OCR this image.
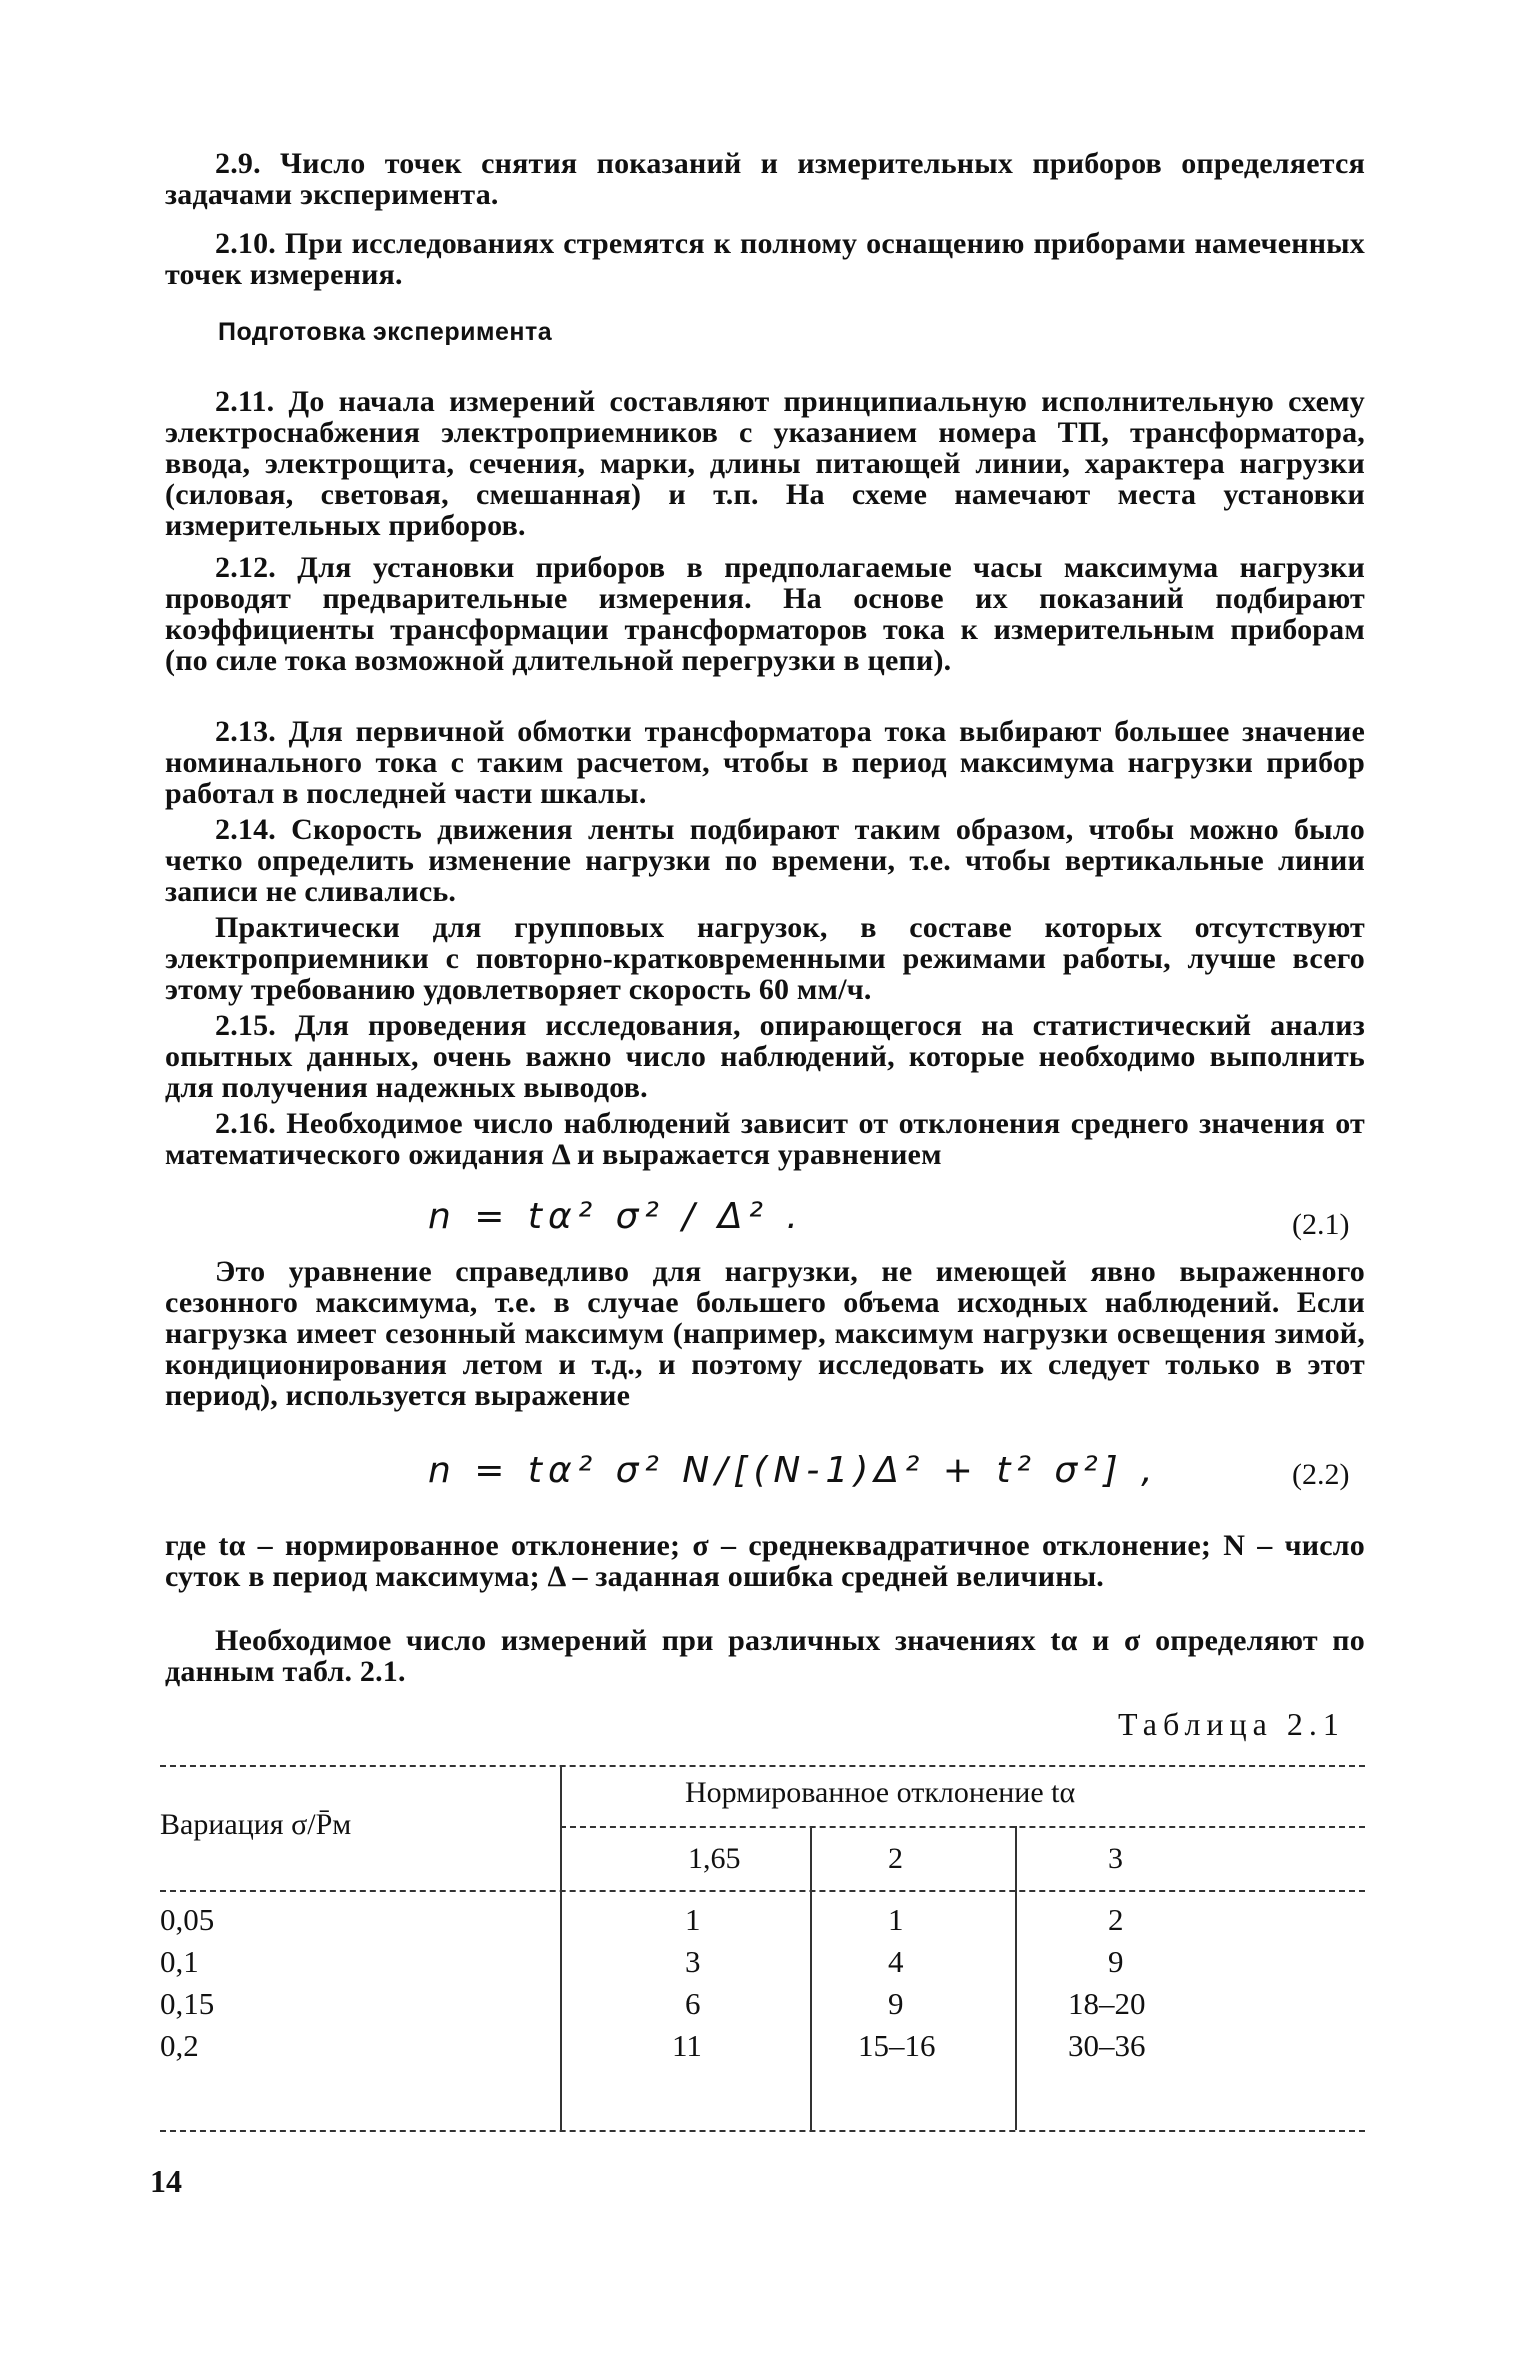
2.9. Число точек снятия показаний и измерительных приборов определяется задачами эксперимента.
2.10. При исследованиях стремятся к полному оснащению приборами намеченных точек измерения.
Подготовка эксперимента
2.11. До начала измерений составляют принципиальную исполнительную схему электроснабжения электроприемников с указанием номера ТП, трансформатора, ввода, электрощита, сечения, марки, длины питающей линии, характера нагрузки (силовая, световая, смешанная) и т.п. На схеме намечают места установки измерительных приборов.
2.12. Для установки приборов в предполагаемые часы максимума нагрузки проводят предварительные измерения. На основе их показаний подбирают коэффициенты трансформации трансформаторов тока к измерительным приборам (по силе тока возможной длительной перегрузки в цепи).
2.13. Для первичной обмотки трансформатора тока выбирают большее значение номинального тока с таким расчетом, чтобы в период максимума нагрузки прибор работал в последней части шкалы.
2.14. Скорость движения ленты подбирают таким образом, чтобы можно было четко определить изменение нагрузки по времени, т.е. чтобы вертикальные линии записи не сливались.
Практически для групповых нагрузок, в составе которых отсутствуют электроприемники с повторно-кратковременными режимами работы, лучше всего этому требованию удовлетворяет скорость 60 мм/ч.
2.15. Для проведения исследования, опирающегося на статистический анализ опытных данных, очень важно число наблюдений, которые необходимо выполнить для получения надежных выводов.
2.16. Необходимое число наблюдений зависит от отклонения среднего значения от математического ожидания Δ и выражается уравнением
n = tα² σ² / Δ² .	(2.1)
Это уравнение справедливо для нагрузки, не имеющей явно выраженного сезонного максимума, т.е. в случае большего объема исходных наблюдений. Если нагрузка имеет сезонный максимум (например, максимум нагрузки освещения зимой, кондиционирования летом и т.д., и поэтому исследовать их следует только в этот период), используется выражение
n = tα² σ² N/[(N-1)Δ² + t² σ²] ,	(2.2)
где tα – нормированное отклонение; σ – среднеквадратичное отклонение; N – число суток в период максимума; Δ – заданная ошибка средней величины.
Необходимое число измерений при различных значениях tα и σ определяют по данным табл. 2.1.
Таблица 2.1
Вариация σ/P̄м
Нормированное отклонение tα
1,65	2	3
0,05	1	1	2
0,1	3	4	9
0,15	6	9	18–20
0,2	11	15–16	30–36
14
